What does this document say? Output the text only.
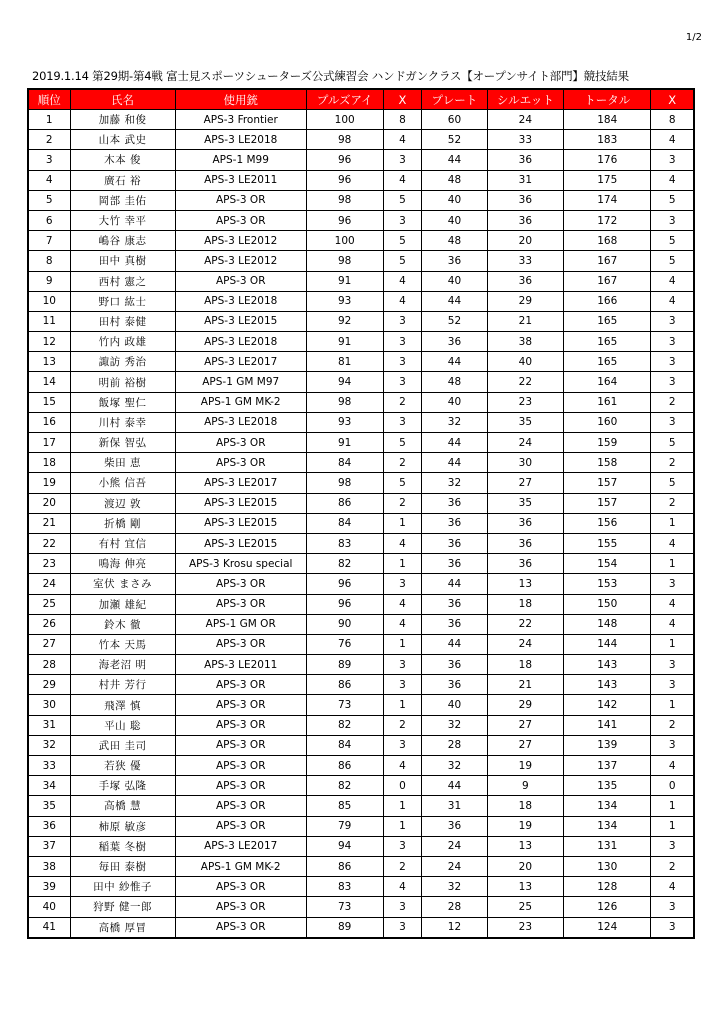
1/2
2019.1.14 第29期-第4戦 富士見スポーツシューターズ公式練習会 ハンドガンクラス【オープンサイト部門】競技結果
順位	氏名	使用銃	プルズアイ	X	プレート	シルエット	トータル	X
1	加藤 和俊	APS-3 Frontier	100	8	60	24	184	8
2	山本 武史	APS-3 LE2018	98	4	52	33	183	4
3	木本 俊	APS-1 M99	96	3	44	36	176	3
4	廣石 裕	APS-3 LE2011	96	4	48	31	175	4
5	岡部 圭佑	APS-3 OR	98	5	40	36	174	5
6	大竹 幸平	APS-3 OR	96	3	40	36	172	3
7	嶋谷 康志	APS-3 LE2012	100	5	48	20	168	5
8	田中 真樹	APS-3 LE2012	98	5	36	33	167	5
9	西村 憲之	APS-3 OR	91	4	40	36	167	4
10	野口 紘士	APS-3 LE2018	93	4	44	29	166	4
11	田村 泰健	APS-3 LE2015	92	3	52	21	165	3
12	竹内 政雄	APS-3 LE2018	91	3	36	38	165	3
13	諏訪 秀治	APS-3 LE2017	81	3	44	40	165	3
14	明前 裕樹	APS-1 GM M97	94	3	48	22	164	3
15	飯塚 聖仁	APS-1 GM MK-2	98	2	40	23	161	2
16	川村 泰幸	APS-3 LE2018	93	3	32	35	160	3
17	新保 智弘	APS-3 OR	91	5	44	24	159	5
18	柴田 恵	APS-3 OR	84	2	44	30	158	2
19	小熊 信吾	APS-3 LE2017	98	5	32	27	157	5
20	渡辺 敦	APS-3 LE2015	86	2	36	35	157	2
21	折橋 剛	APS-3 LE2015	84	1	36	36	156	1
22	有村 宜信	APS-3 LE2015	83	4	36	36	155	4
23	鳴海 伸亮	APS-3 Krosu special	82	1	36	36	154	1
24	室伏 まさみ	APS-3 OR	96	3	44	13	153	3
25	加瀬 雄紀	APS-3 OR	96	4	36	18	150	4
26	鈴木 徹	APS-1 GM OR	90	4	36	22	148	4
27	竹本 天馬	APS-3 OR	76	1	44	24	144	1
28	海老沼 明	APS-3 LE2011	89	3	36	18	143	3
29	村井 芳行	APS-3 OR	86	3	36	21	143	3
30	飛澤 慎	APS-3 OR	73	1	40	29	142	1
31	平山 聡	APS-3 OR	82	2	32	27	141	2
32	武田 圭司	APS-3 OR	84	3	28	27	139	3
33	若狭 優	APS-3 OR	86	4	32	19	137	4
34	手塚 弘隆	APS-3 OR	82	0	44	9	135	0
35	高橋 慧	APS-3 OR	85	1	31	18	134	1
36	柿原 敏彦	APS-3 OR	79	1	36	19	134	1
37	稲葉 冬樹	APS-3 LE2017	94	3	24	13	131	3
38	毎田 泰樹	APS-1 GM MK-2	86	2	24	20	130	2
39	田中 紗惟子	APS-3 OR	83	4	32	13	128	4
40	狩野 健一郎	APS-3 OR	73	3	28	25	126	3
41	高橋 厚冒	APS-3 OR	89	3	12	23	124	3
